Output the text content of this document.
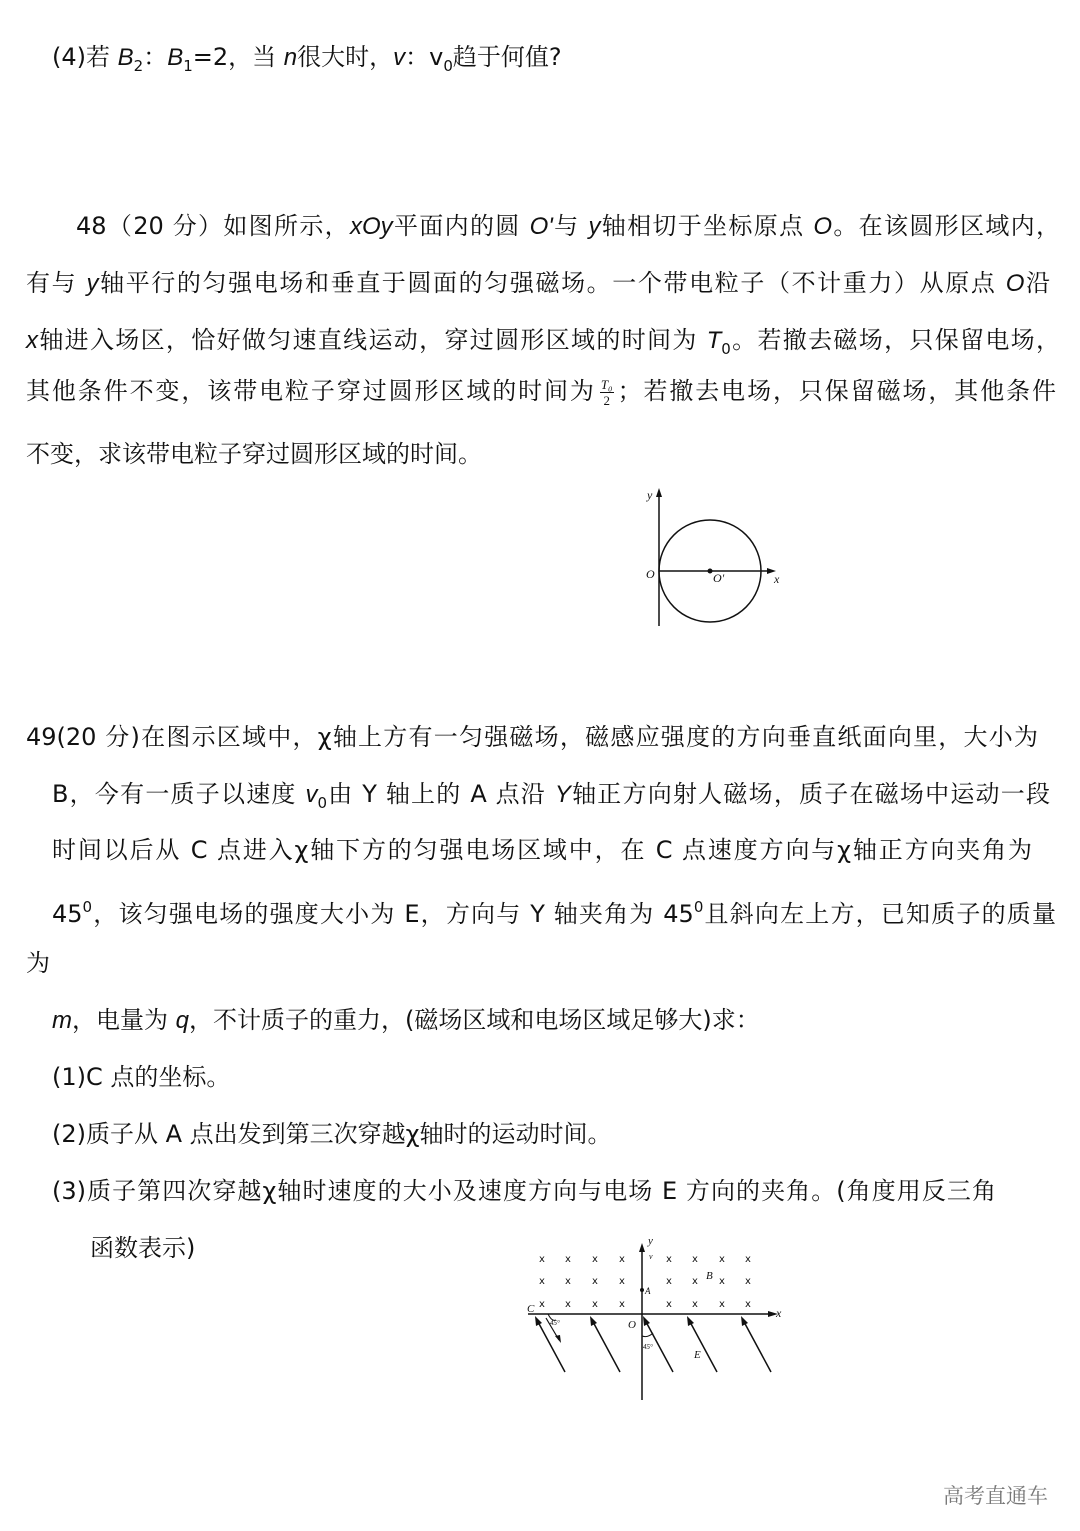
(4)若 $B_2$：$B_1=2$，当 n很大时，v：$v_0$趋于何值?
48（20 分）如图所示，xOy平面内的圆 O'与 y轴相切于坐标原点 O。在该圆形区域内，
有与 y轴平行的匀强电场和垂直于圆面的匀强磁场。一个带电粒子（不计重力）从原点 O沿
x轴进入场区，恰好做匀速直线运动，穿过圆形区域的时间为 $T_0$。若撤去磁场，只保留电场，
其他条件不变，该带电粒子穿过圆形区域的时间为 $\frac{\text{T₀}}{2}$ ；若撤去电场，只保留磁场，其他条件
不变，求该带电粒子穿过圆形区域的时间。
y
O	O'	x
49(20 分)在图示区域中，χ轴上方有一匀强磁场，磁感应强度的方向垂直纸面向里，大小为
B，今有一质子以速度 $v_0$由 Y 轴上的 A 点沿 Y轴正方向射人磁场，质子在磁场中运动一段
时间以后从 C 点进入χ轴下方的匀强电场区域中，在 C 点速度方向与χ轴正方向夹角为
$45^0$，该匀强电场的强度大小为 E，方向与 Y 轴夹角为 $45^0$且斜向左上方，已知质子的质量
为
m，电量为 q，不计质子的重力，(磁场区域和电场区域足够大)求：
(1)C 点的坐标。
(2)质子从 A 点出发到第三次穿越χ轴时的运动时间。
(3)质子第四次穿越χ轴时速度的大小及速度方向与电场 E 方向的夹角。(角度用反三角
函数表示)	x x x x	x x x x
x x x x	x x x x
x x x x	x x x x
y
v
A
B
C	x
O
45°
45°
E
高考直通车
